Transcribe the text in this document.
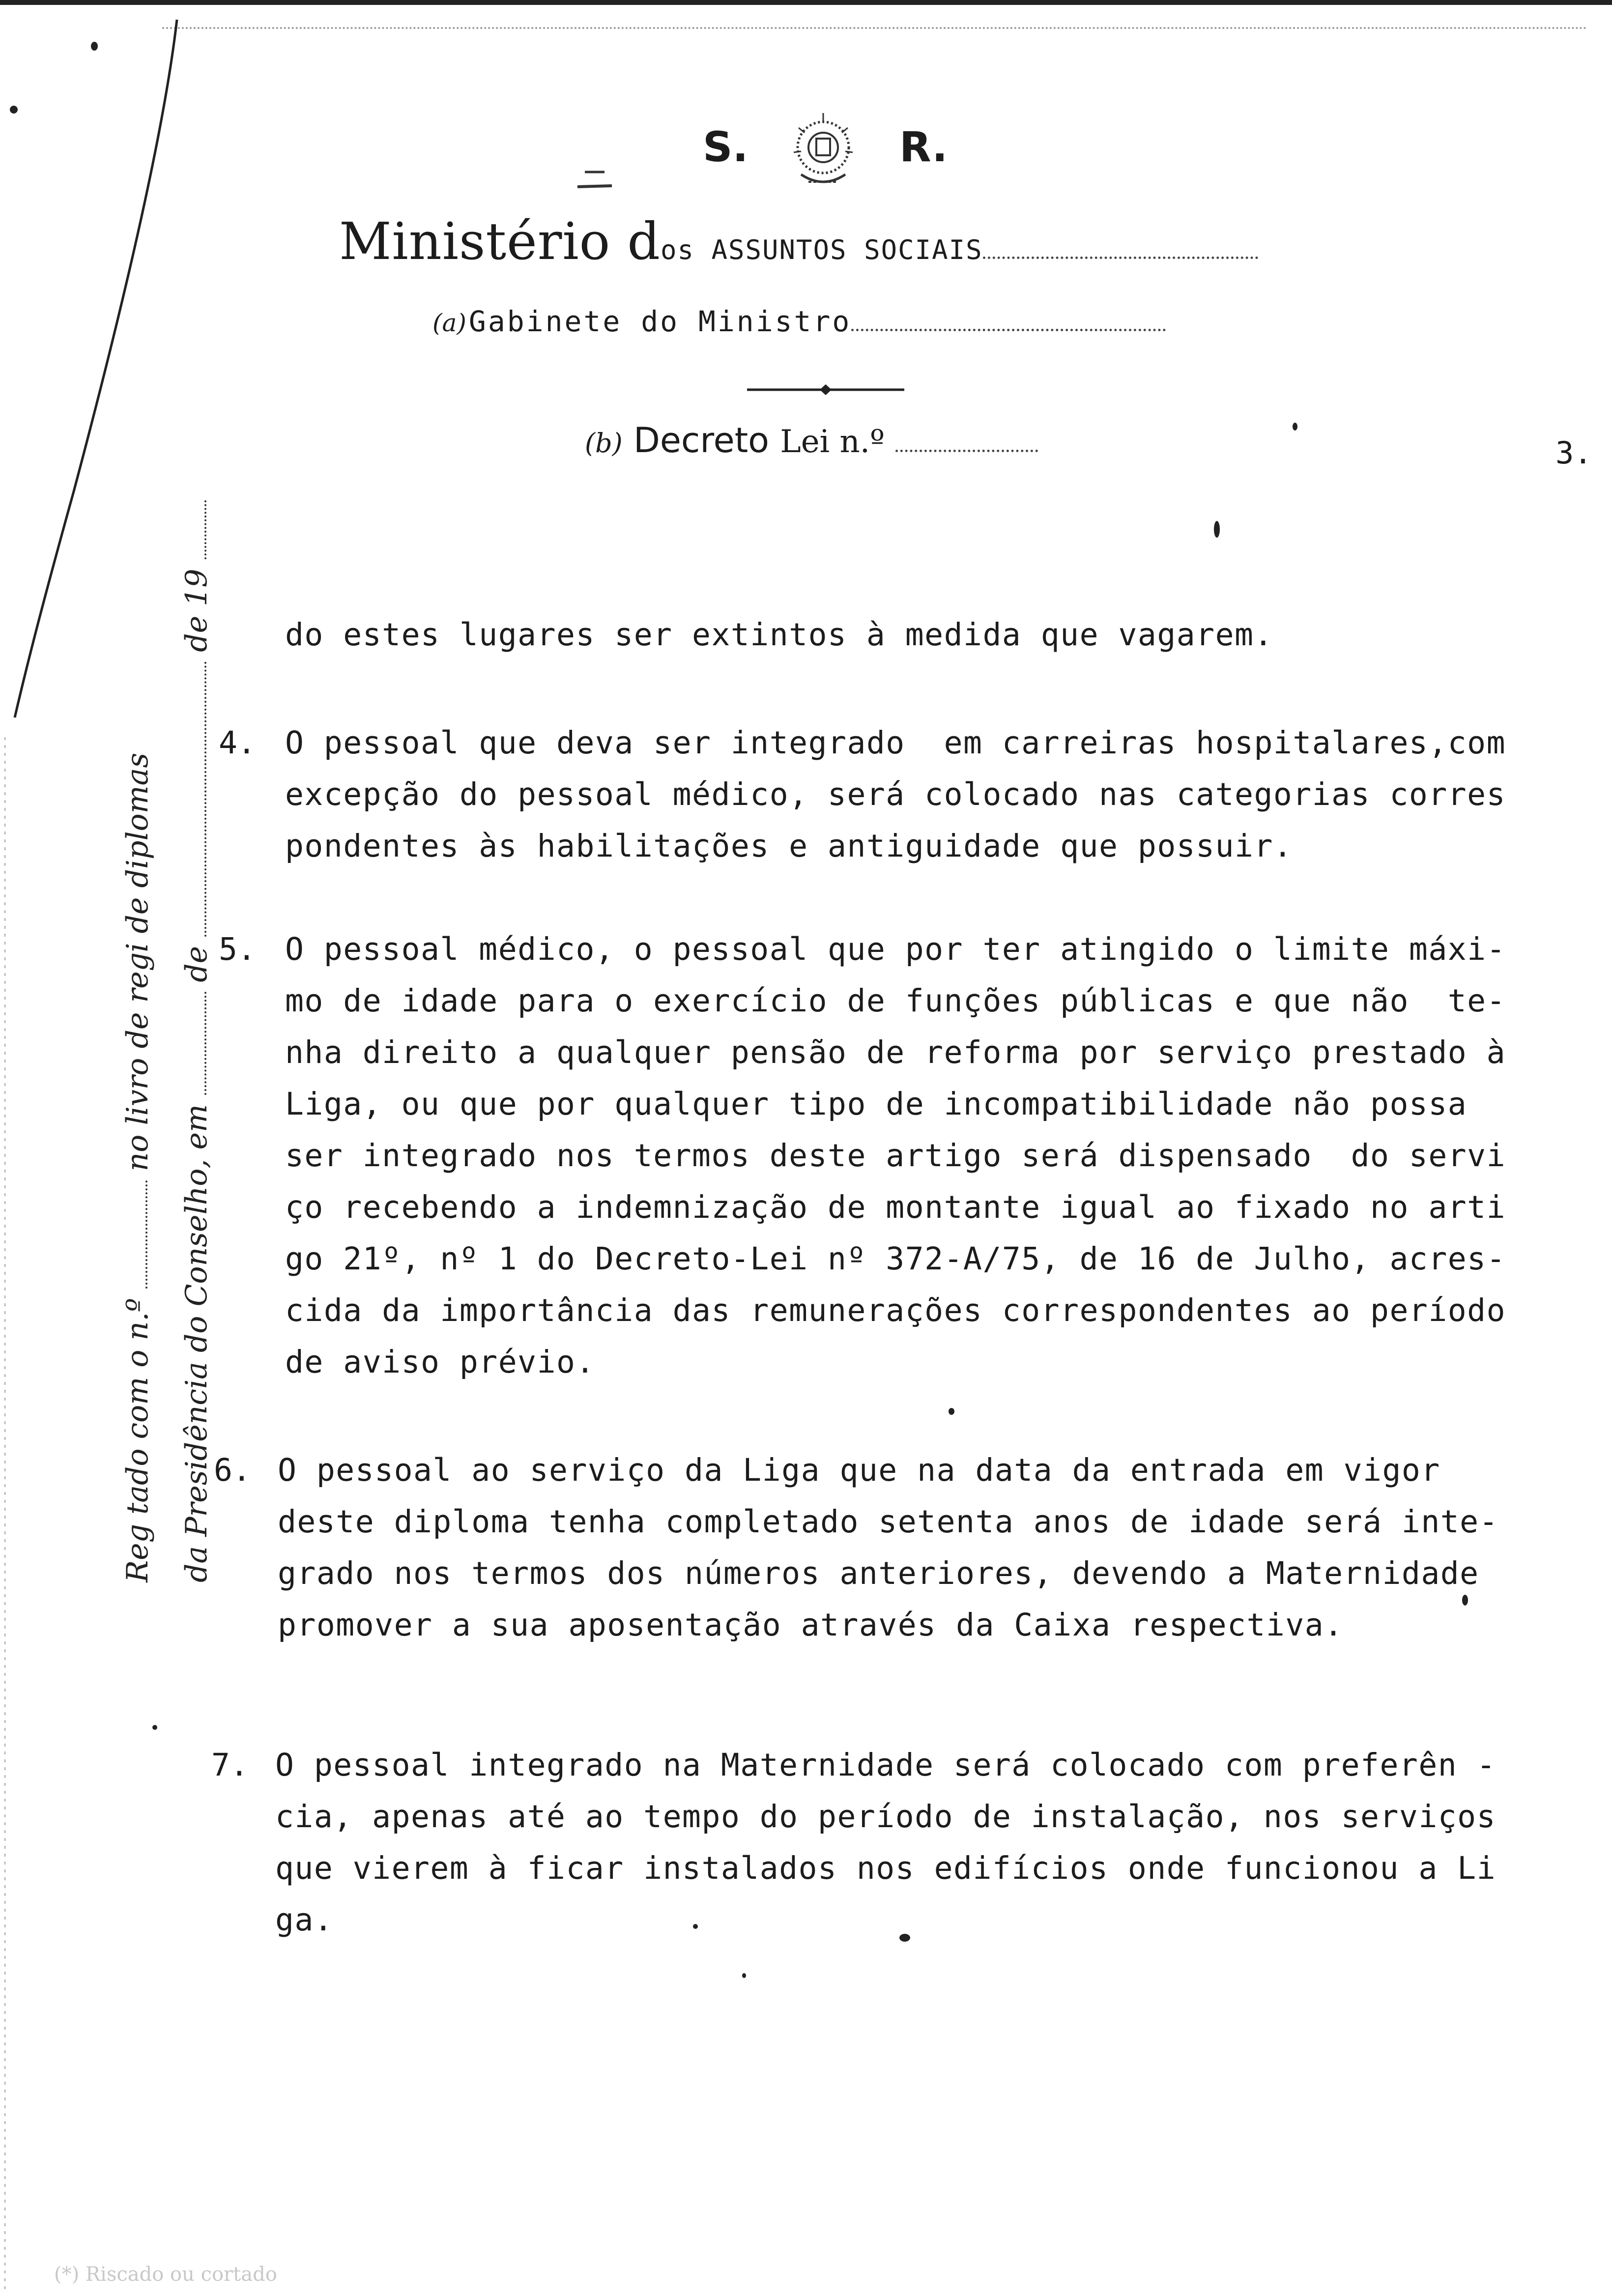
S.	R.
Ministério dos ASSUNTOS SOCIAIS
(a) Gabinete do Ministro
(b) Decreto Lei n.º	3.
Reg tado com o n.º  no livro de regi de diplomas
da Presidência do Conselho, em  de  de 19	do estes lugares ser extintos à medida que vagarem.
4. O pessoal que deva ser integrado  em carreiras hospitalares,com
excepção do pessoal médico, será colocado nas categorias corres
pondentes às habilitações e antiguidade que possuir.
5. O pessoal médico, o pessoal que por ter atingido o limite máxi-
mo de idade para o exercício de funções públicas e que não  te-
nha direito a qualquer pensão de reforma por serviço prestado à
Liga, ou que por qualquer tipo de incompatibilidade não possa
ser integrado nos termos deste artigo será dispensado  do servi
ço recebendo a indemnização de montante igual ao fixado no arti
go 21º, nº 1 do Decreto-Lei nº 372-A/75, de 16 de Julho, acres-
cida da importância das remunerações correspondentes ao período
de aviso prévio.
6. O pessoal ao serviço da Liga que na data da entrada em vigor
deste diploma tenha completado setenta anos de idade será inte-
grado nos termos dos números anteriores, devendo a Maternidade
promover a sua aposentação através da Caixa respectiva.
7. O pessoal integrado na Maternidade será colocado com preferên -
cia, apenas até ao tempo do período de instalação, nos serviços
que vierem à ficar instalados nos edifícios onde funcionou a Li
ga.
(*) Riscado ou cortado
